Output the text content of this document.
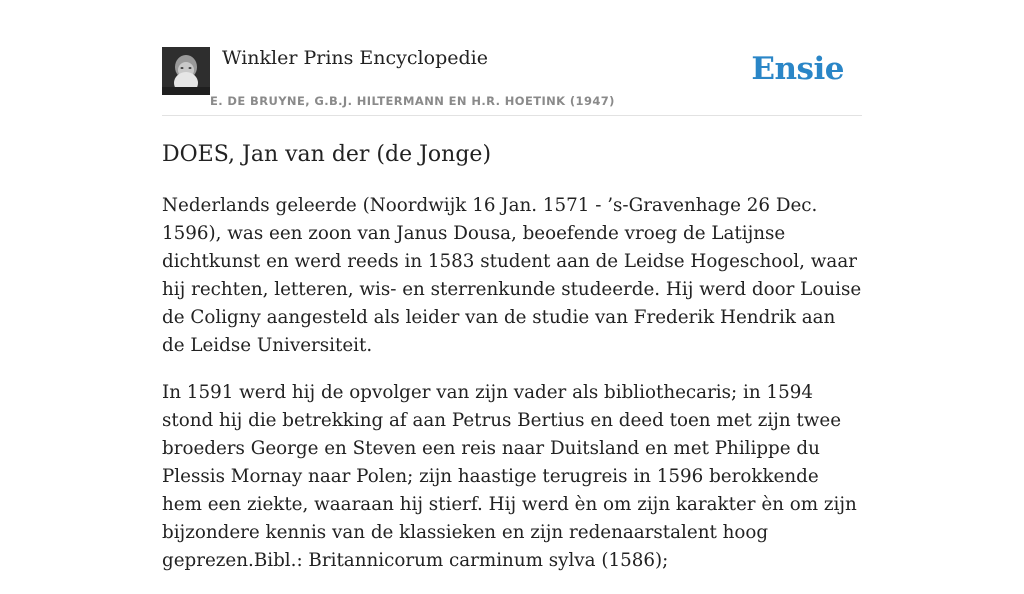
Winkler Prins Encyclopedie
E. DE BRUYNE, G.B.J. HILTERMANN EN H.R. HOETINK (1947)
Ensie
DOES, Jan van der (de Jonge)

Nederlands geleerde (Noordwijk 16 Jan. 1571 - ’s-Gravenhage 26 Dec. 1596), was een zoon van Janus Dousa, beoefende vroeg de Latijnse dichtkunst en werd reeds in 1583 student aan de Leidse Hogeschool, waar hij rechten, letteren, wis- en sterrenkunde studeerde. Hij werd door Louise de Coligny aangesteld als leider van de studie van Frederik Hendrik aan de Leidse Universiteit.

In 1591 werd hij de opvolger van zijn vader als bibliothecaris; in 1594 stond hij die betrekking af aan Petrus Bertius en deed toen met zijn twee broeders George en Steven een reis naar Duitsland en met Philippe du Plessis Mornay naar Polen; zijn haastige terugreis in 1596 berokkende hem een ziekte, waaraan hij stierf. Hij werd èn om zijn karakter èn om zijn bijzondere kennis van de klassieken en zijn redenaarstalent hoog geprezen.Bibl.: Britannicorum carminum sylva (1586);
